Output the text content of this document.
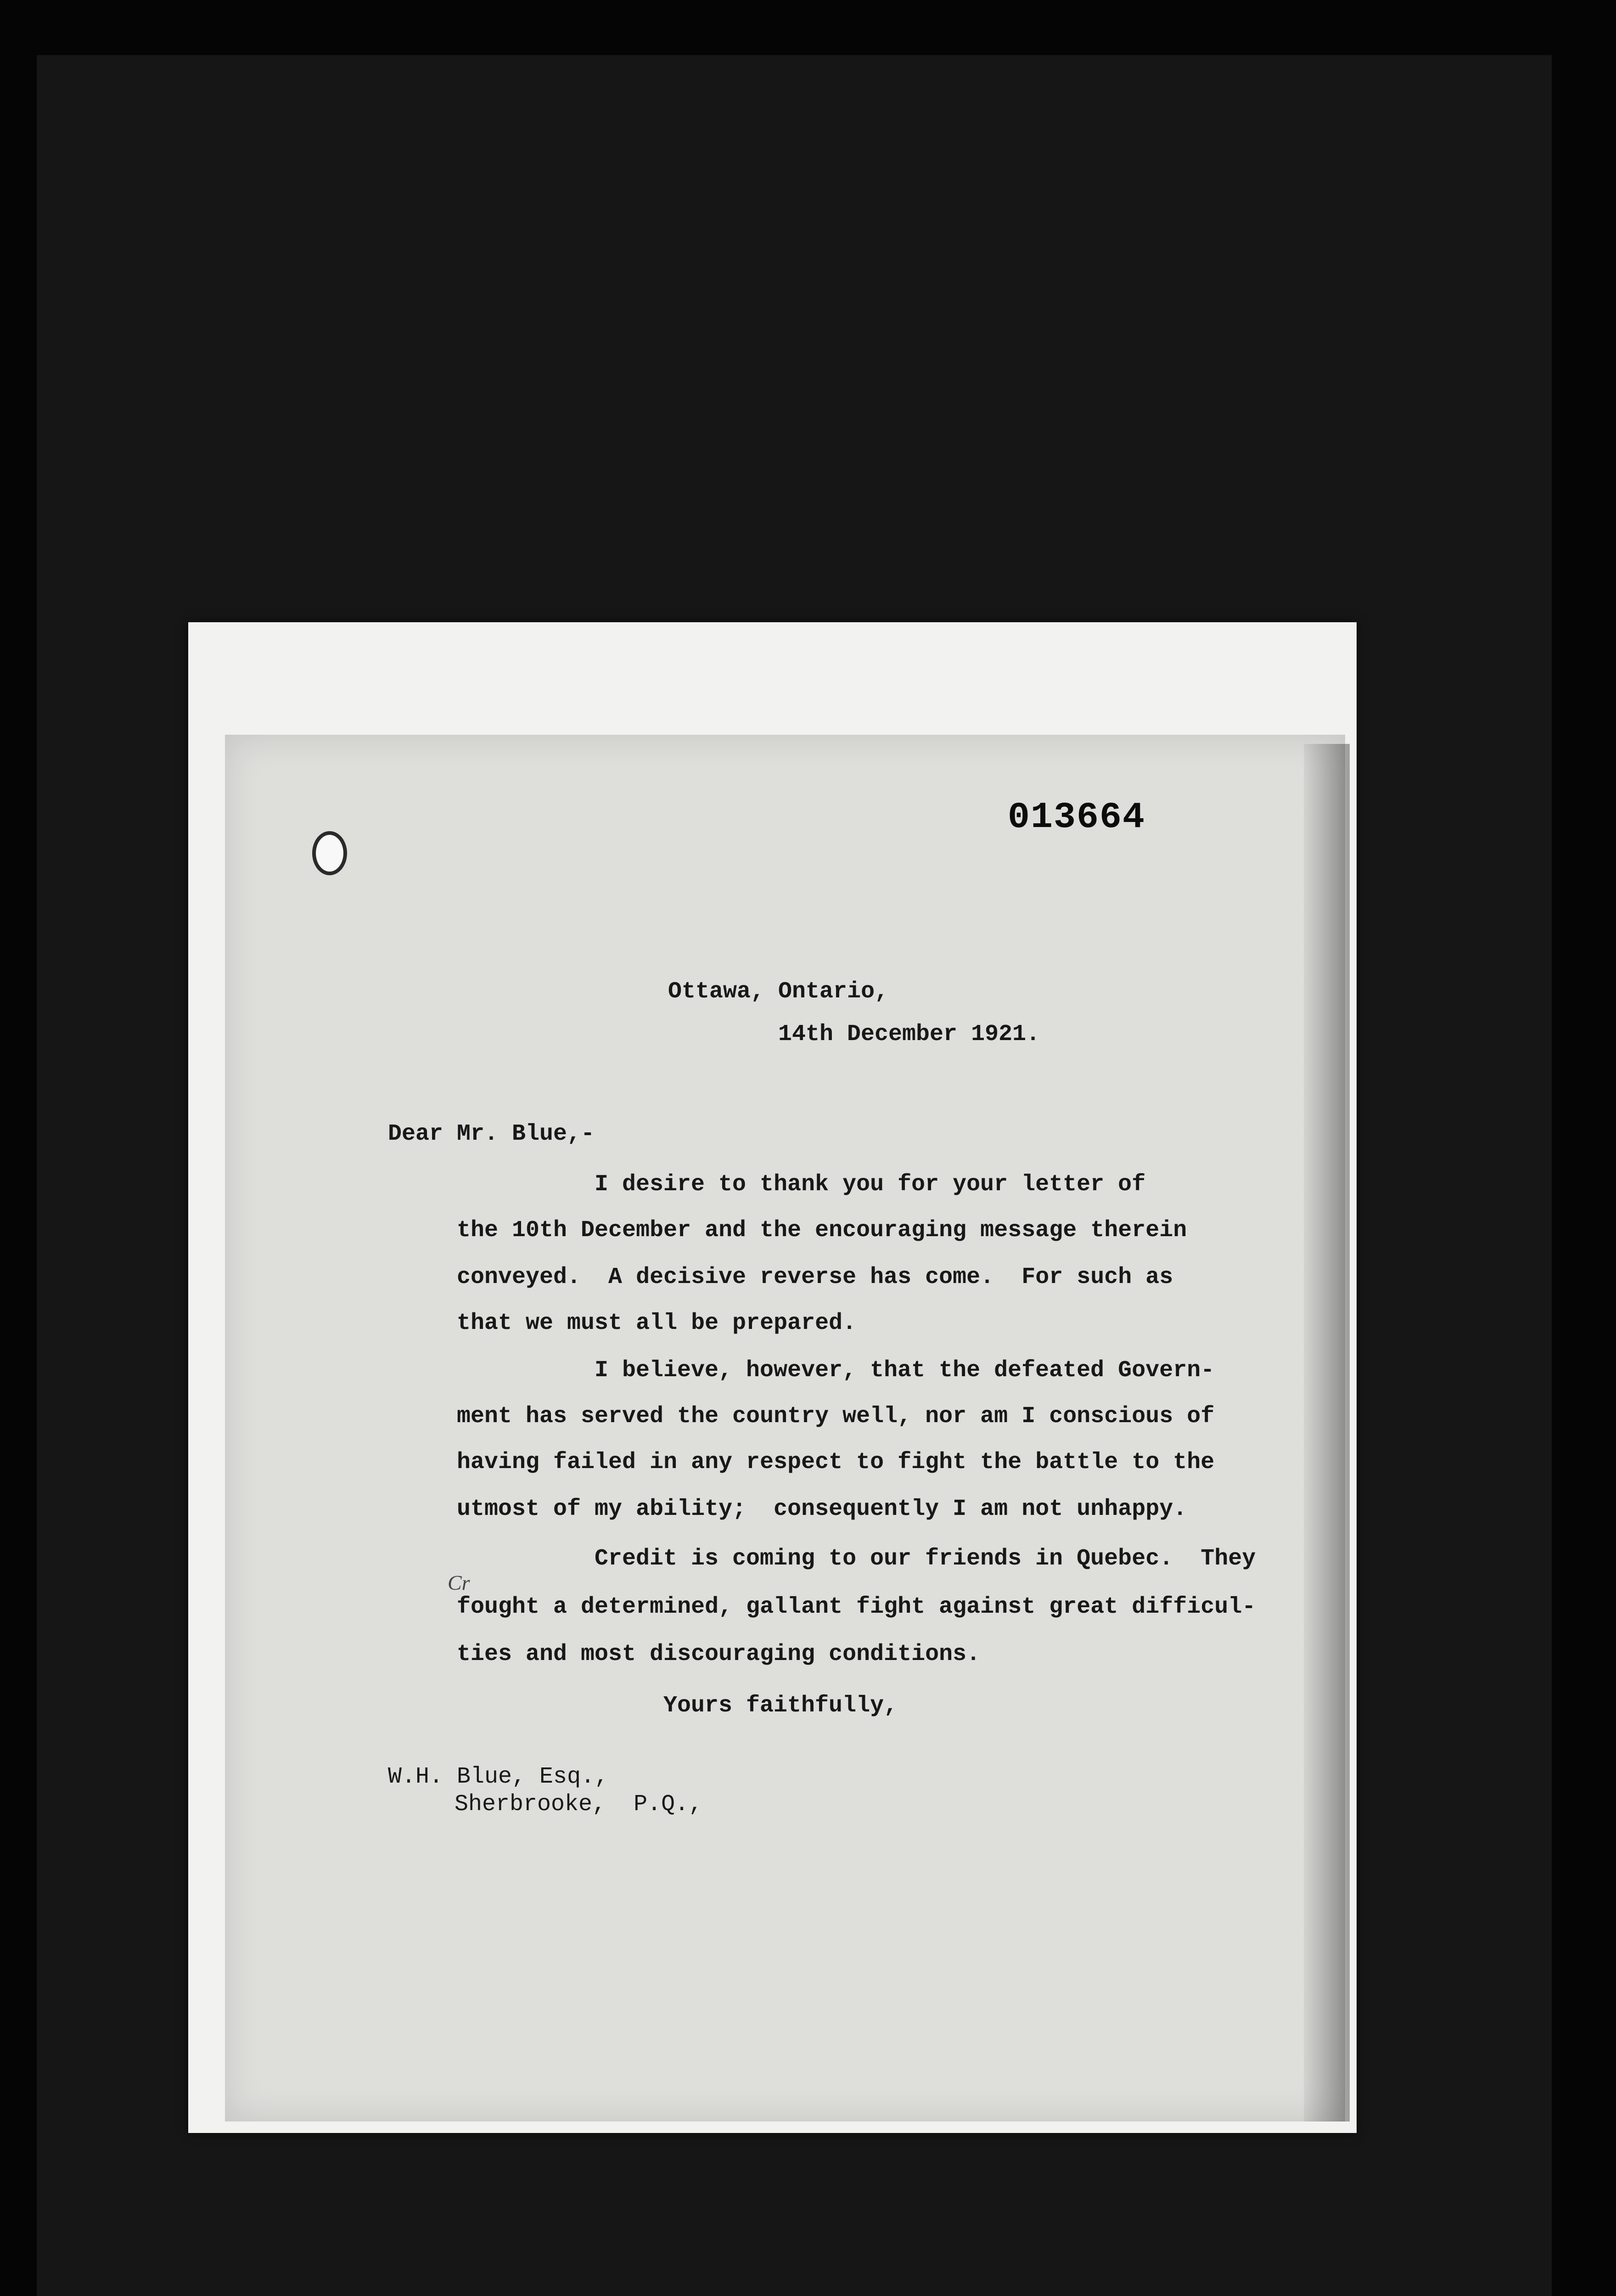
013664
Ottawa, Ontario,
14th December 1921.
Dear Mr. Blue,-
I desire to thank you for your letter of
the 10th December and the encouraging message therein
conveyed.  A decisive reverse has come.  For such as
that we must all be prepared.
I believe, however, that the defeated Govern-
ment has served the country well, nor am I conscious of
having failed in any respect to fight the battle to the
utmost of my ability;  consequently I am not unhappy.
Credit is coming to our friends in Quebec.  They
fought a determined, gallant fight against great difficul-
ties and most discouraging conditions.
Cr
Yours faithfully,
W.H. Blue, Esq.,
Sherbrooke,  P.Q.,
